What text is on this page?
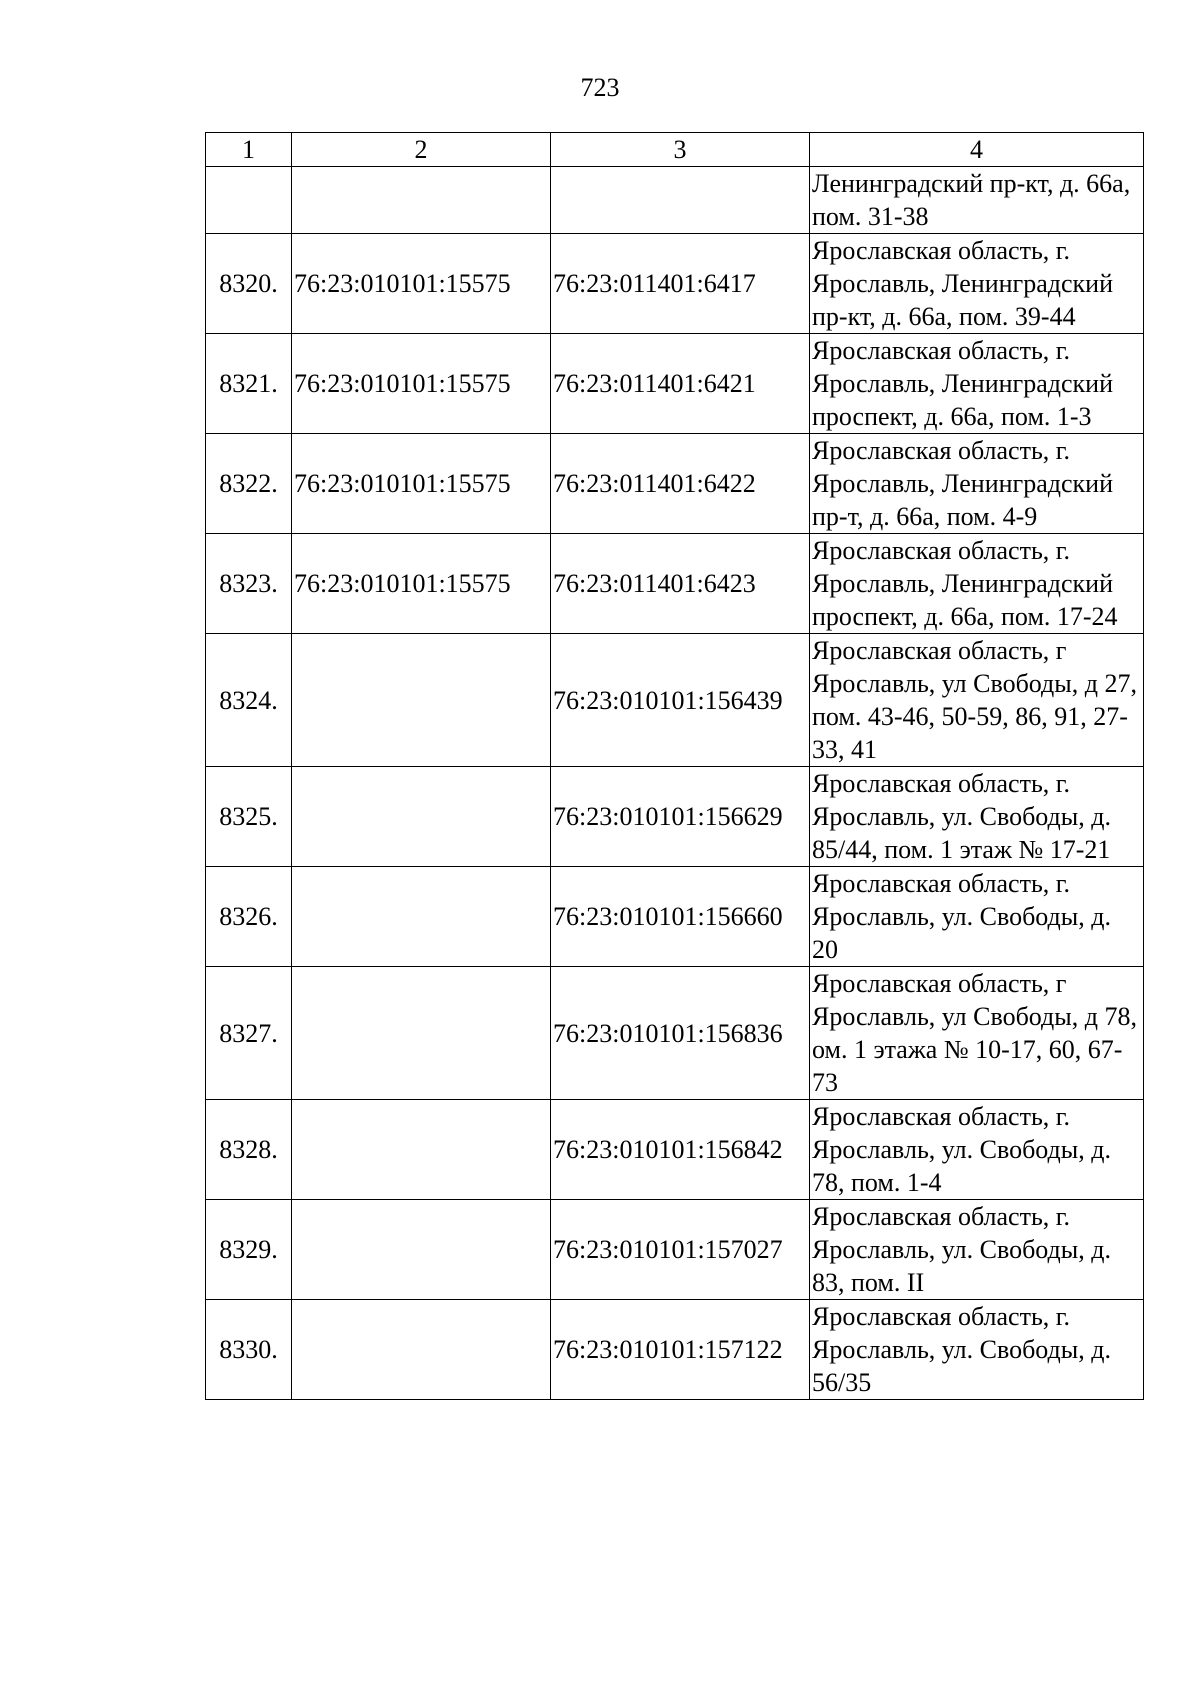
723
1	2	3	4
			Ленинградский пр-кт, д. 66а, пом. 31-38
8320.	76:23:010101:15575	76:23:011401:6417	Ярославская область, г. Ярославль, Ленинградский пр-кт, д. 66а, пом. 39-44
8321.	76:23:010101:15575	76:23:011401:6421	Ярославская область, г. Ярославль, Ленинградский проспект, д. 66а, пом. 1-3
8322.	76:23:010101:15575	76:23:011401:6422	Ярославская область, г. Ярославль, Ленинградский пр-т, д. 66а, пом. 4-9
8323.	76:23:010101:15575	76:23:011401:6423	Ярославская область, г. Ярославль, Ленинградский проспект, д. 66а, пом. 17-24
8324.		76:23:010101:156439	Ярославская область, г Ярославль, ул Свободы, д 27, пом. 43-46, 50-59, 86, 91, 27-33, 41
8325.		76:23:010101:156629	Ярославская область, г. Ярославль, ул. Свободы, д. 85/44, пом. 1 этаж № 17-21
8326.		76:23:010101:156660	Ярославская область, г. Ярославль, ул. Свободы, д. 20
8327.		76:23:010101:156836	Ярославская область, г Ярославль, ул Свободы, д 78, ом. 1 этажа № 10-17, 60, 67-73
8328.		76:23:010101:156842	Ярославская область, г. Ярославль, ул. Свободы, д. 78, пом. 1-4
8329.		76:23:010101:157027	Ярославская область, г. Ярославль, ул. Свободы, д. 83, пом. II
8330.		76:23:010101:157122	Ярославская область, г. Ярославль, ул. Свободы, д. 56/35
